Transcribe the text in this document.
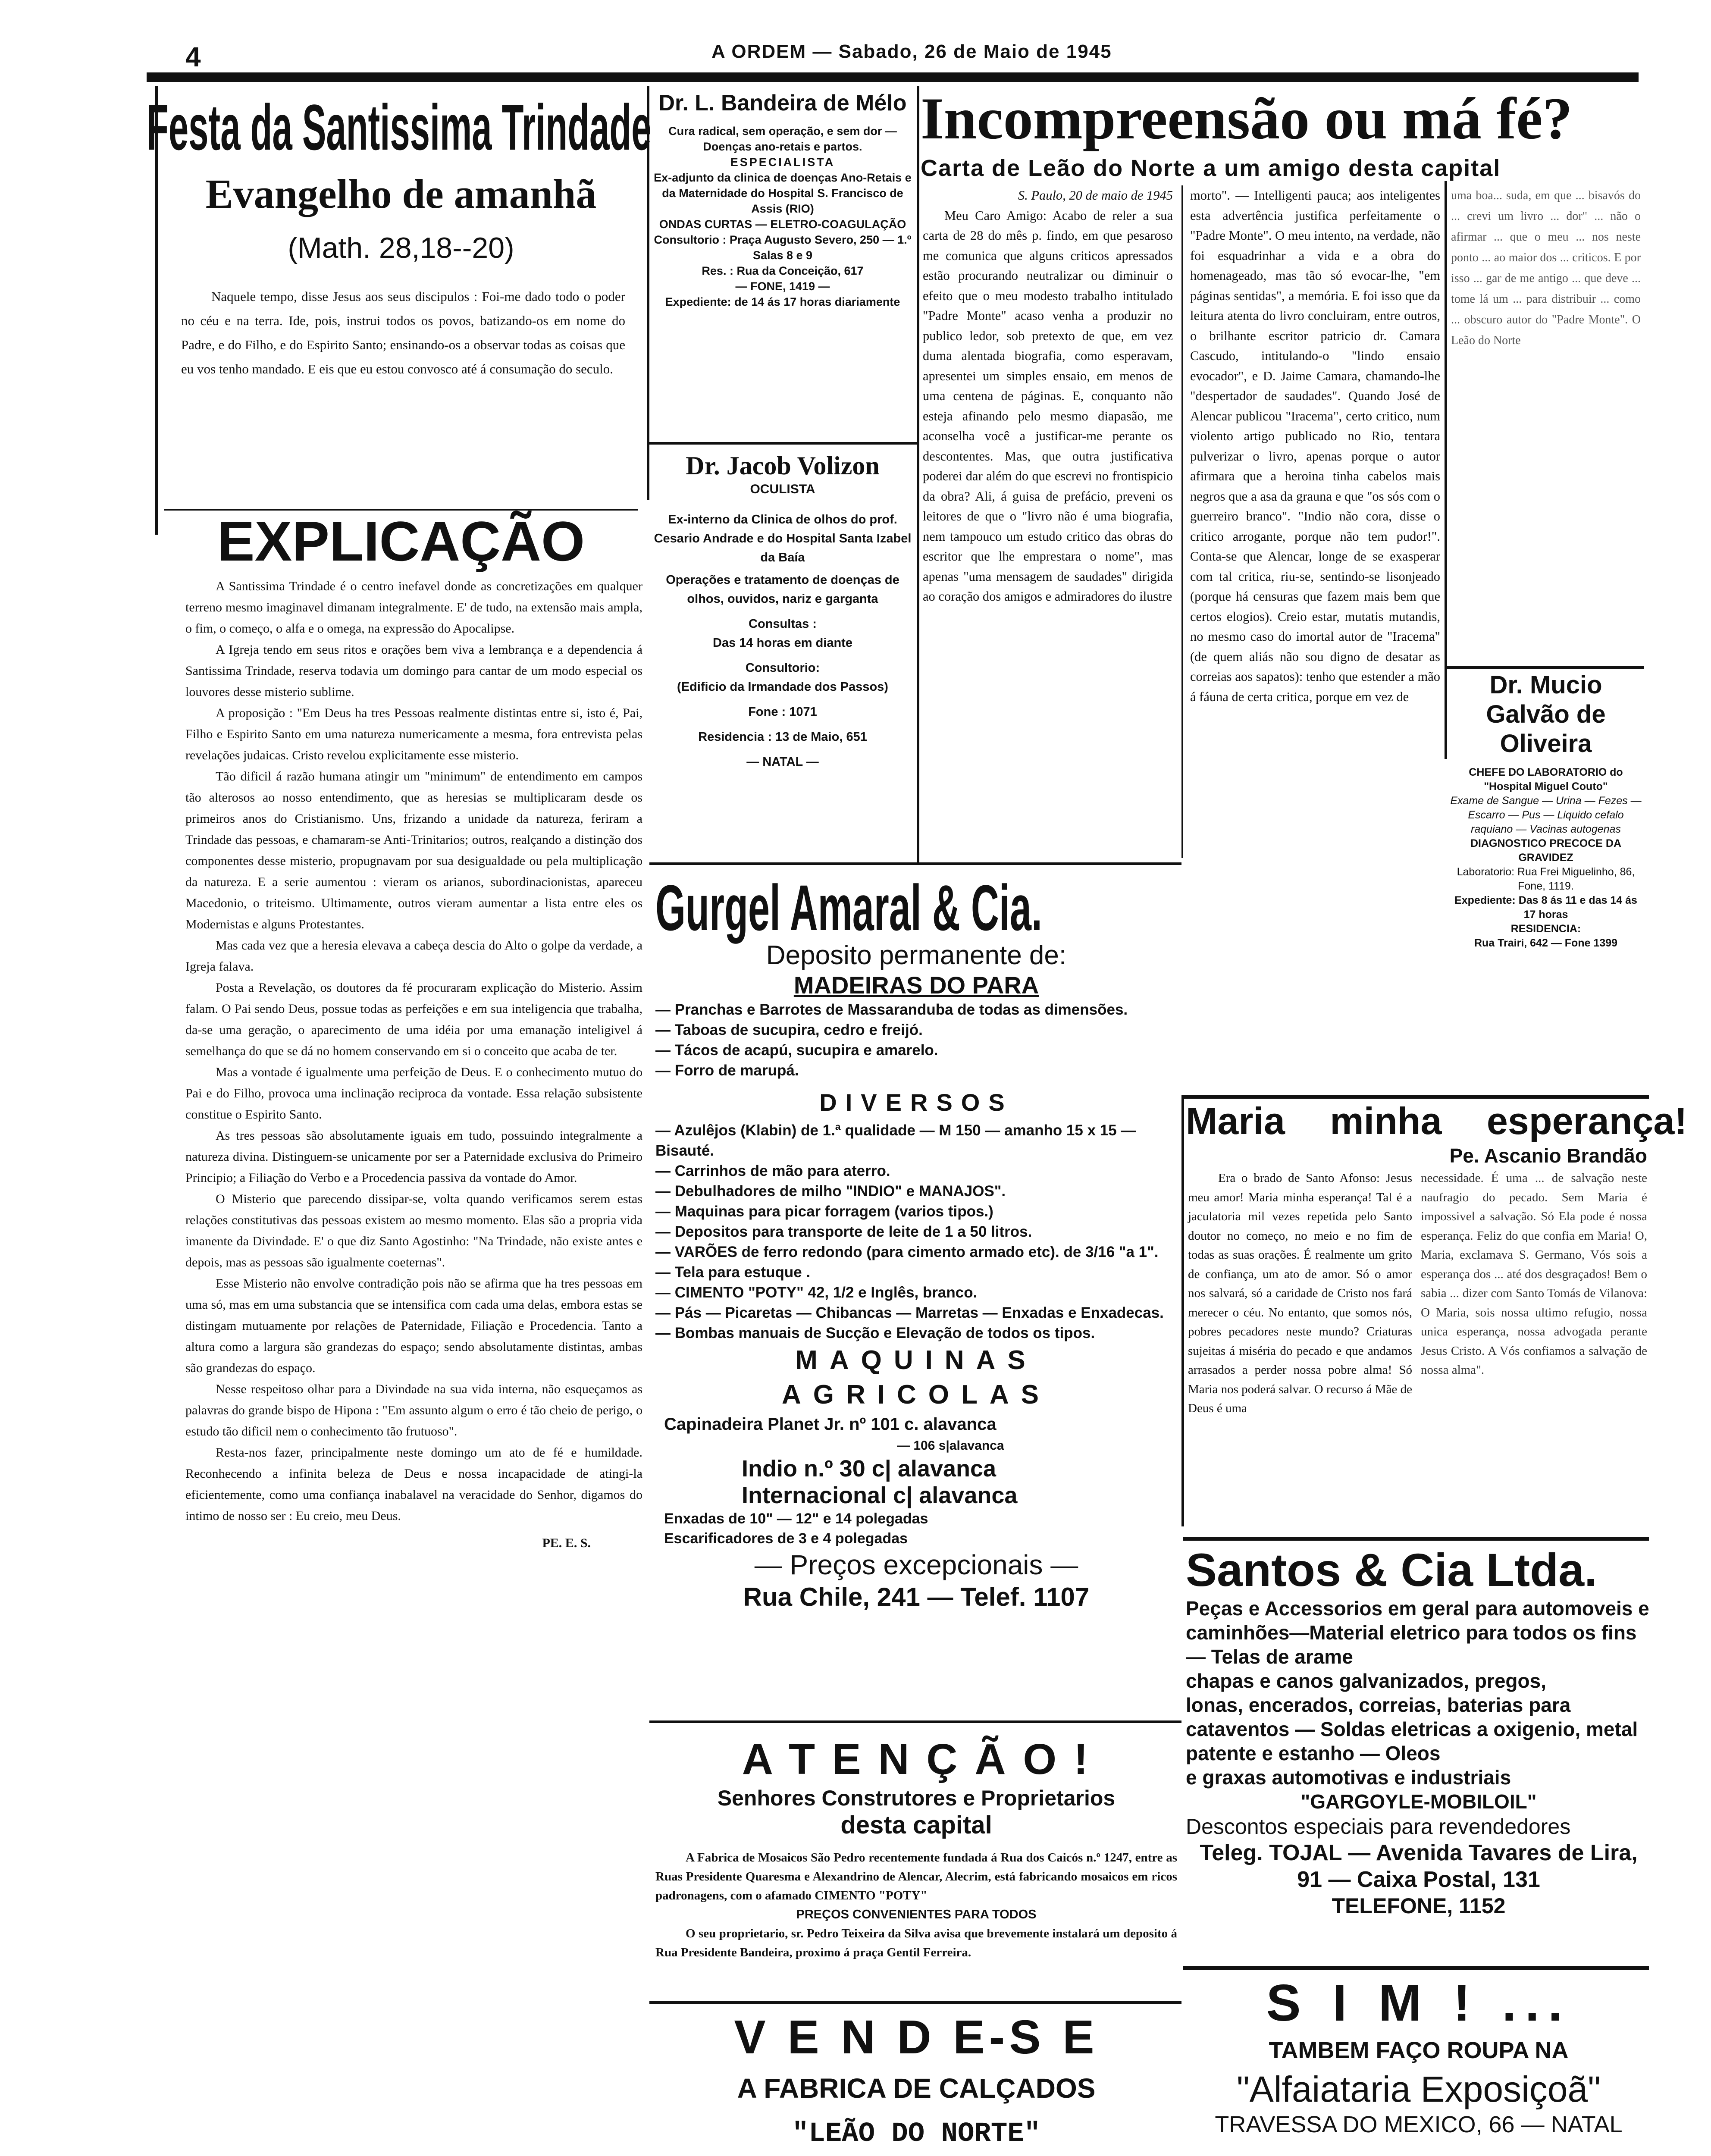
4	A ORDEM — Sabado, 26 de Maio de 1945
Festa da Santissima Trindade
Evangelho de amanhã
(Math. 28,18--20)

Naquele tempo, disse Jesus aos seus discipulos : Foi-me dado todo o poder no céu e na terra. Ide, pois, instrui todos os povos, batizando-os em nome do Padre, e do Filho, e do Espirito Santo; ensinando-os a observar todas as coisas que eu vos tenho mandado. E eis que eu estou convosco até á consumação do seculo.

EXPLICAÇÃO

A Santissima Trindade é o centro inefavel donde as concretizações em qualquer terreno mesmo imaginavel dimanam integralmente. E' de tudo, na extensão mais ampla, o fim, o começo, o alfa e o omega, na expressão do Apocalipse.

A Igreja tendo em seus ritos e orações bem viva a lembrança e a dependencia á Santissima Trindade, reserva todavia um domingo para cantar de um modo especial os louvores desse misterio sublime.

A proposição : "Em Deus ha tres Pessoas realmente distintas entre si, isto é, Pai, Filho e Espirito Santo em uma natureza numericamente a mesma, fora entrevista pelas revelações judaicas. Cristo revelou explicitamente esse misterio.

Tão dificil á razão humana atingir um "minimum" de entendimento em campos tão alterosos ao nosso entendimento, que as heresias se multiplicaram desde os primeiros anos do Cristianismo. Uns, frizando a unidade da natureza, feriram a Trindade das pessoas, e chamaram-se Anti-Trinitarios; outros, realçando a distinção dos componentes desse misterio, propugnavam por sua desigualdade ou pela multiplicação da natureza. E a serie aumentou : vieram os arianos, subordinacionistas, apareceu Macedonio, o triteismo. Ultimamente, outros vieram aumentar a lista entre eles os Modernistas e alguns Protestantes.

Mas cada vez que a heresia elevava a cabeça descia do Alto o golpe da verdade, a Igreja falava.

Posta a Revelação, os doutores da fé procuraram explicação do Misterio. Assim falam. O Pai sendo Deus, possue todas as perfeições e em sua inteligencia que trabalha, da-se uma geração, o aparecimento de uma idéia por uma emanação inteligivel á semelhança do que se dá no homem conservando em si o conceito que acaba de ter.

Mas a vontade é igualmente uma perfeição de Deus. E o conhecimento mutuo do Pai e do Filho, provoca uma inclinação reciproca da vontade. Essa relação subsistente constitue o Espirito Santo.

As tres pessoas são absolutamente iguais em tudo, possuindo integralmente a natureza divina. Distinguem-se unicamente por ser a Paternidade exclusiva do Primeiro Principio; a Filiação do Verbo e a Procedencia passiva da vontade do Amor.

O Misterio que parecendo dissipar-se, volta quando verificamos serem estas relações constitutivas das pessoas existem ao mesmo momento. Elas são a propria vida imanente da Divindade. E' o que diz Santo Agostinho: "Na Trindade, não existe antes e depois, mas as pessoas são igualmente coeternas".

Esse Misterio não envolve contradição pois não se afirma que ha tres pessoas em uma só, mas em uma substancia que se intensifica com cada uma delas, embora estas se distingam mutuamente por relações de Paternidade, Filiação e Procedencia. Tanto a altura como a largura são grandezas do espaço; sendo absolutamente distintas, ambas são grandezas do espaço.

Nesse respeitoso olhar para a Divindade na sua vida interna, não esqueçamos as palavras do grande bispo de Hipona : "Em assunto algum o erro é tão cheio de perigo, o estudo tão dificil nem o conhecimento tão frutuoso".

Resta-nos fazer, principalmente neste domingo um ato de fé e humildade. Reconhecendo a infinita beleza de Deus e nossa incapacidade de atingi-la eficientemente, como uma confiança inabalavel na veracidade do Senhor, digamos do intimo de nosso ser : Eu creio, meu Deus.

PE. E. S.
Dr. L. Bandeira de Mélo
Cura radical, sem operação, e sem dor — Doenças ano-retais e partos.
ESPECIALISTA
Ex-adjunto da clinica de doenças Ano-Retais e da Maternidade do Hospital S. Francisco de Assis (RIO)
ONDAS CURTAS — ELETRO-COAGULAÇÃO
Consultorio : Praça Augusto Severo, 250 — 1.º Salas 8 e 9
Res. : Rua da Conceição, 617
— FONE, 1419 —
Expediente: de 14 ás 17 horas diariamente
Dr. Jacob Volizon
OCULISTA
Ex-interno da Clinica de olhos do prof. Cesario Andrade e do Hospital Santa Izabel da Baía
Operações e tratamento de doenças de olhos, ouvidos, nariz e garganta
Consultas :
Das 14 horas em diante
Consultorio:
(Edificio da Irmandade dos Passos)
Fone : 1071
Residencia : 13 de Maio, 651
— NATAL —
Incompreensão ou má fé?
Carta de Leão do Norte a um amigo desta capital
S. Paulo, 20 de maio de 1945

Meu Caro Amigo: Acabo de reler a sua carta de 28 do mês p. findo, em que pesaroso me comunica que alguns criticos apressados estão procurando neutralizar ou diminuir o efeito que o meu modesto trabalho intitulado "Padre Monte" acaso venha a produzir no publico ledor, sob pretexto de que, em vez duma alentada biografia, como esperavam, apresentei um simples ensaio, em menos de uma centena de páginas. E, conquanto não esteja afinando pelo mesmo diapasão, me aconselha você a justificar-me perante os descontentes. Mas, que outra justificativa poderei dar além do que escrevi no frontispicio da obra? Ali, á guisa de prefácio, preveni os leitores de que o "livro não é uma biografia, nem tampouco um estudo critico das obras do escritor que lhe emprestara o nome", mas apenas "uma mensagem de saudades" dirigida ao coração dos amigos e admiradores do ilustre

morto". — Intelligenti pauca; aos inteligentes esta advertência justifica perfeitamente o "Padre Monte". O meu intento, na verdade, não foi esquadrinhar a vida e a obra do homenageado, mas tão só evocar-lhe, "em páginas sentidas", a memória. E foi isso que da leitura atenta do livro concluiram, entre outros, o brilhante escritor patricio dr. Camara Cascudo, intitulando-o "lindo ensaio evocador", e D. Jaime Camara, chamando-lhe "despertador de saudades". Quando José de Alencar publicou "Iracema", certo critico, num violento artigo publicado no Rio, tentara pulverizar o livro, apenas porque o autor afirmara que a heroina tinha cabelos mais negros que a asa da grauna e que "os sós com o guerreiro branco". "Indio não cora, disse o critico arrogante, porque não tem pudor!". Conta-se que Alencar, longe de se exasperar com tal critica, riu-se, sentindo-se lisonjeado (porque há censuras que fazem mais bem que certos elogios). Creio estar, mutatis mutandis, no mesmo caso do imortal autor de "Iracema" (de quem aliás não sou digno de desatar as correias aos sapatos): tenho que estender a mão á fáuna de certa critica, porque em vez de

uma boa... suda, em que ... bisavós do ... crevi um livro ... dor" ... não o afirmar ... que o meu ... nos neste ponto ... ao maior dos ... criticos. E por isso ... gar de me antigo ... que deve ... tome lá um ... para distribuir ... como ... obscuro autor do "Padre Monte". O Leão do Norte

Dr. Mucio Galvão de Oliveira
CHEFE DO LABORATORIO do "Hospital Miguel Couto"
Exame de Sangue — Urina — Fezes — Escarro — Pus — Liquido cefalo raquiano — Vacinas autogenas
DIAGNOSTICO PRECOCE DA GRAVIDEZ
Laboratorio: Rua Frei Miguelinho, 86, Fone, 1119.
Expediente: Das 8 ás 11 e das 14 ás 17 horas
RESIDENCIA:
Rua Trairi, 642 — Fone 1399
Gurgel Amaral & Cia.
Deposito permanente de:
MADEIRAS DO PARA
— Pranchas e Barrotes de Massaranduba de todas as dimensões.
— Taboas de sucupira, cedro e freijó.
— Tácos de acapú, sucupira e amarelo.
— Forro de marupá.
DIVERSOS
— Azulêjos (Klabin) de 1.ª qualidade — M 150 — amanho 15 x 15 — Bisauté.
— Carrinhos de mão para aterro.
— Debulhadores de milho "INDIO" e MANAJOS".
— Maquinas para picar forragem (varios tipos.)
— Depositos para transporte de leite de 1 a 50 litros.
— VARÕES de ferro redondo (para cimento armado etc). de 3/16 "a 1".
— Tela para estuque .
— CIMENTO "POTY" 42, 1/2 e Inglês, branco.
— Pás — Picaretas — Chibancas — Marretas — Enxadas e Enxadecas.
— Bombas manuais de Sucção e Elevação de todos os tipos.
MAQUINAS AGRICOLAS
Capinadeira Planet Jr. nº 101 c. alavanca
— 106 s|alavanca
Indio n.º 30 c| alavanca
Internacional c| alavanca
Enxadas de 10" — 12" e 14 polegadas
Escarificadores de 3 e 4 polegadas
— Preços excepcionais —
Rua Chile, 241 — Telef. 1107
A T E N Ç Ã O !
Senhores Construtores e Proprietarios
desta capital

A Fabrica de Mosaicos São Pedro recentemente fundada á Rua dos Caicós n.º 1247, entre as Ruas Presidente Quaresma e Alexandrino de Alencar, Alecrim, está fabricando mosaicos em ricos padronagens, com o afamado CIMENTO "POTY"

PREÇOS CONVENIENTES PARA TODOS

O seu proprietario, sr. Pedro Teixeira da Silva avisa que brevemente instalará um deposito á Rua Presidente Bandeira, proximo á praça Gentil Ferreira.

V E N D E-S E
A FABRICA DE CALÇADOS
"LEÃO DO NORTE"
Maria minha esperança!
Pe. Ascanio Brandão

Era o brado de Santo Afonso: Jesus meu amor! Maria minha esperança! Tal é a jaculatoria mil vezes repetida pelo Santo doutor no começo, no meio e no fim de todas as suas orações. É realmente um grito de confiança, um ato de amor. Só o amor nos salvará, só a caridade de Cristo nos fará merecer o céu. No entanto, que somos nós, pobres pecadores neste mundo? Criaturas sujeitas á miséria do pecado e que andamos arrasados a perder nossa pobre alma! Só Maria nos poderá salvar. O recurso á Mãe de Deus é uma

necessidade. É uma ... de salvação neste naufragio do pecado. Sem Maria é impossivel a salvação. Só Ela pode é nossa esperança. Feliz do que confia em Maria! O, Maria, exclamava S. Germano, Vós sois a esperança dos ... até dos desgraçados! Bem o sabia ... dizer com Santo Tomás de Vilanova: O Maria, sois nossa ultimo refugio, nossa unica esperança, nossa advogada perante Jesus Cristo. A Vós confiamos a salvação de nossa alma".

Santos & Cia Ltda.
Peças e Accessorios em geral para automoveis e caminhões—Material eletrico para todos os fins — Telas de arame
chapas e canos galvanizados, pregos,
lonas, encerados, correias, baterias para cataventos — Soldas eletricas a oxigenio, metal patente e estanho — Oleos
e graxas automotivas e industriais
"GARGOYLE-MOBILOIL"
Descontos especiais para revendedores
Teleg. TOJAL — Avenida Tavares de Lira, 91 — Caixa Postal, 131
TELEFONE, 1152
S I M ! ...
TAMBEM FAÇO ROUPA NA
"Alfaiataria Exposiçoã"
TRAVESSA DO MEXICO, 66 — NATAL
